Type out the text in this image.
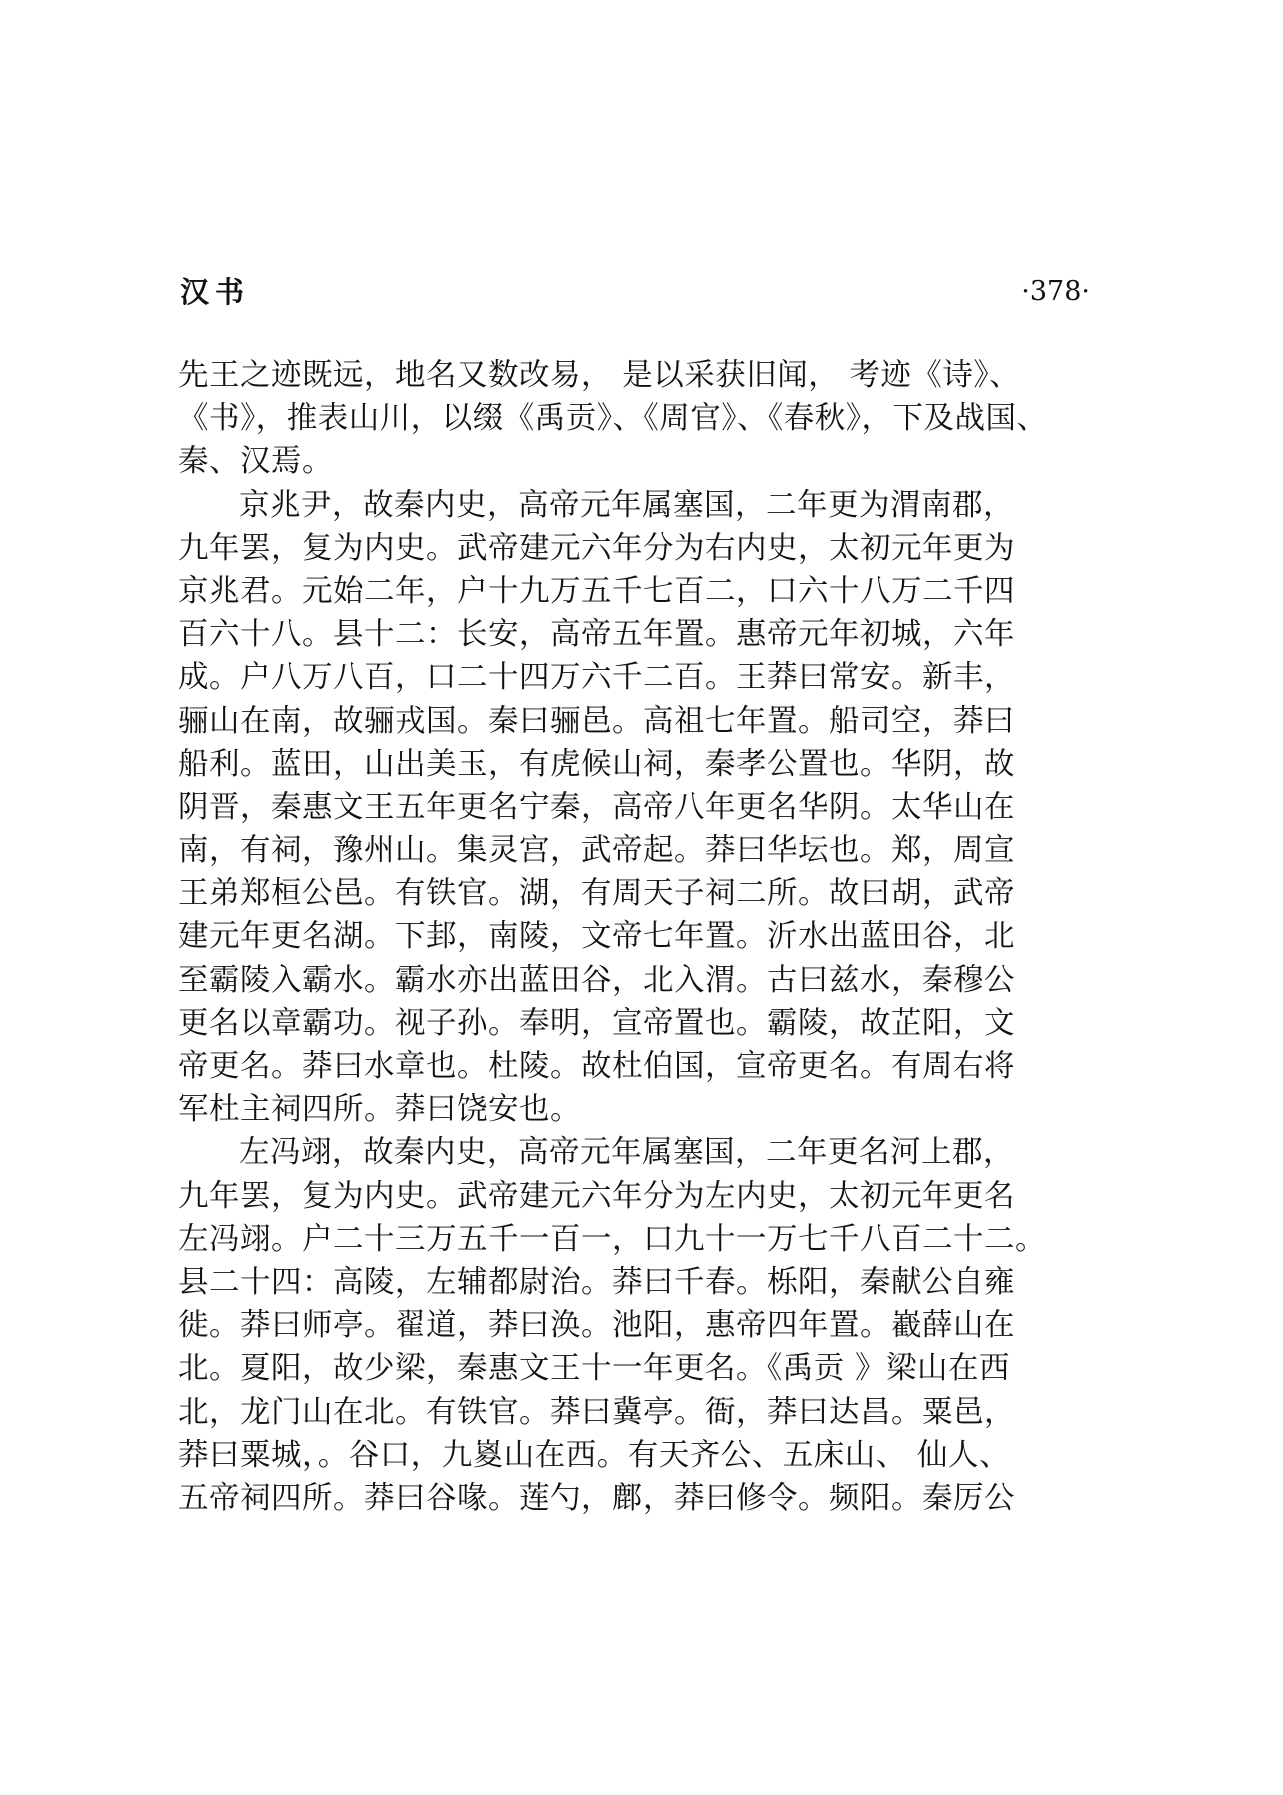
汉书	·378·
先王之迹既远，地名又数改易， 是以采获旧闻， 考迹《诗》、
《书》，推表山川，以缀《禹贡》、《周官》、《春秋》，下及战国、
秦、汉焉。
京兆尹，故秦内史，高帝元年属塞国，二年更为渭南郡，
九年罢，复为内史。武帝建元六年分为右内史，太初元年更为
京兆君。元始二年，户十九万五千七百二，口六十八万二千四
百六十八。县十二：长安，高帝五年置。惠帝元年初城，六年
成。户八万八百，口二十四万六千二百。王莽曰常安。新丰，
骊山在南，故骊戎国。秦曰骊邑。高祖七年置。船司空，莽曰
船利。蓝田，山出美玉，有虎候山祠，秦孝公置也。华阴，故
阴晋，秦惠文王五年更名宁秦，高帝八年更名华阴。太华山在
南，有祠，豫州山。集灵宫，武帝起。莽曰华坛也。郑，周宣
王弟郑桓公邑。有铁官。湖，有周天子祠二所。故曰胡，武帝
建元年更名湖。下邽，南陵，文帝七年置。沂水出蓝田谷，北
至霸陵入霸水。霸水亦出蓝田谷，北入渭。古曰兹水，秦穆公
更名以章霸功。视子孙。奉明，宣帝置也。霸陵，故芷阳，文
帝更名。莽曰水章也。杜陵。故杜伯国，宣帝更名。有周右将
军杜主祠四所。莽曰饶安也。
左冯翊，故秦内史，高帝元年属塞国，二年更名河上郡，
九年罢，复为内史。武帝建元六年分为左内史，太初元年更名
左冯翊。户二十三万五千一百一，口九十一万七千八百二十二。
县二十四：高陵，左辅都尉治。莽曰千春。栎阳，秦献公自雍
徙。莽曰师亭。翟道，莽曰涣。池阳，惠帝四年置。嶻薛山在
北。夏阳，故少梁，秦惠文王十一年更名。《禹贡 》梁山在西
北，龙门山在北。有铁官。莽曰冀亭。衙，莽曰达昌。粟邑，
莽曰粟城，。谷口，九嵏山在西。有天齐公、五床山、 仙人、
五帝祠四所。莽曰谷喙。莲勺，鄜，莽曰修令。频阳。秦厉公
